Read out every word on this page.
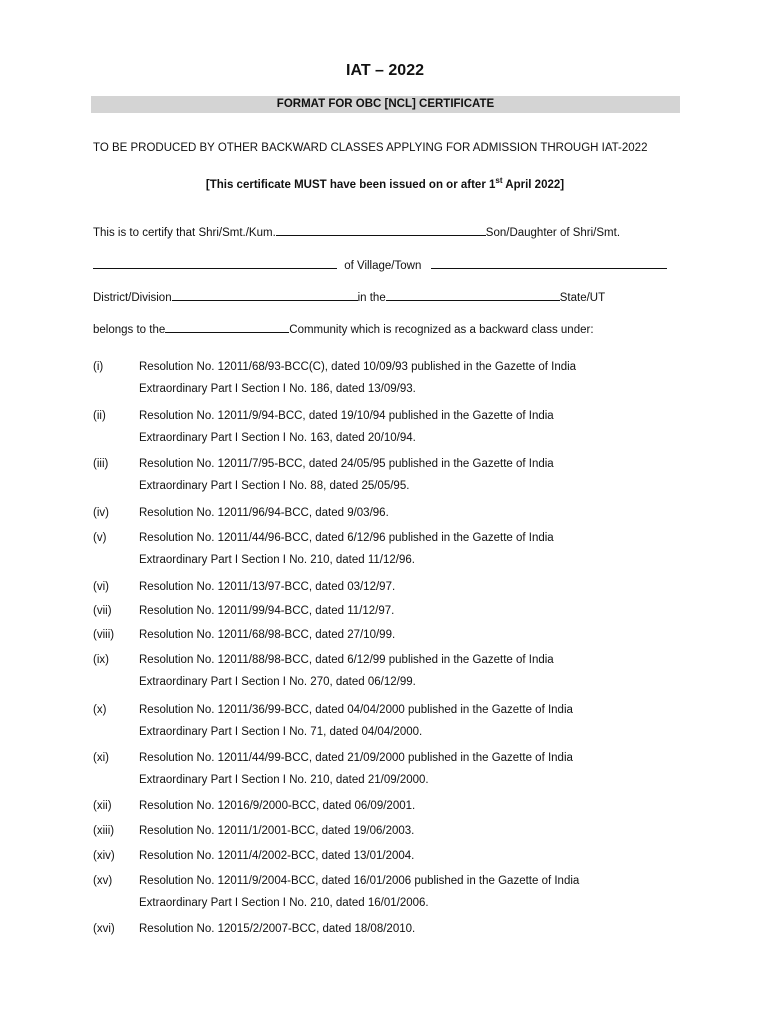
IAT – 2022
FORMAT FOR OBC [NCL] CERTIFICATE
TO BE PRODUCED BY OTHER BACKWARD CLASSES APPLYING FOR ADMISSION THROUGH IAT-2022
[This certificate MUST have been issued on or after 1st April 2022]
This is to certify that Shri/Smt./Kum.	Son/Daughter of Shri/Smt.
of Village/Town
District/Division	in the	State/UT
belongs to the	Community which is recognized as a backward class under:
(i)	Resolution No. 12011/68/93-BCC(C), dated 10/09/93 published in the Gazette of India
Extraordinary Part I Section I No. 186, dated 13/09/93.
(ii)	Resolution No. 12011/9/94-BCC, dated 19/10/94 published in the Gazette of India
Extraordinary Part I Section I No. 163, dated 20/10/94.
(iii)	Resolution No. 12011/7/95-BCC, dated 24/05/95 published in the Gazette of India
Extraordinary Part I Section I No. 88, dated 25/05/95.
(iv)	Resolution No. 12011/96/94-BCC, dated 9/03/96.
(v)	Resolution No. 12011/44/96-BCC, dated 6/12/96 published in the Gazette of India
Extraordinary Part I Section I No. 210, dated 11/12/96.
(vi)	Resolution No. 12011/13/97-BCC, dated 03/12/97.
(vii) Resolution No. 12011/99/94-BCC, dated 11/12/97.
(viii) Resolution No. 12011/68/98-BCC, dated 27/10/99.
(ix)	Resolution No. 12011/88/98-BCC, dated 6/12/99 published in the Gazette of India
Extraordinary Part I Section I No. 270, dated 06/12/99.
(x)	Resolution No. 12011/36/99-BCC, dated 04/04/2000 published in the Gazette of India
Extraordinary Part I Section I No. 71, dated 04/04/2000.
(xi)	Resolution No. 12011/44/99-BCC, dated 21/09/2000 published in the Gazette of India
Extraordinary Part I Section I No. 210, dated 21/09/2000.
(xii) Resolution No. 12016/9/2000-BCC, dated 06/09/2001.
(xiii) Resolution No. 12011/1/2001-BCC, dated 19/06/2003.
(xiv) Resolution No. 12011/4/2002-BCC, dated 13/01/2004.
(xv) Resolution No. 12011/9/2004-BCC, dated 16/01/2006 published in the Gazette of India
Extraordinary Part I Section I No. 210, dated 16/01/2006.
(xvi) Resolution No. 12015/2/2007-BCC, dated 18/08/2010.
